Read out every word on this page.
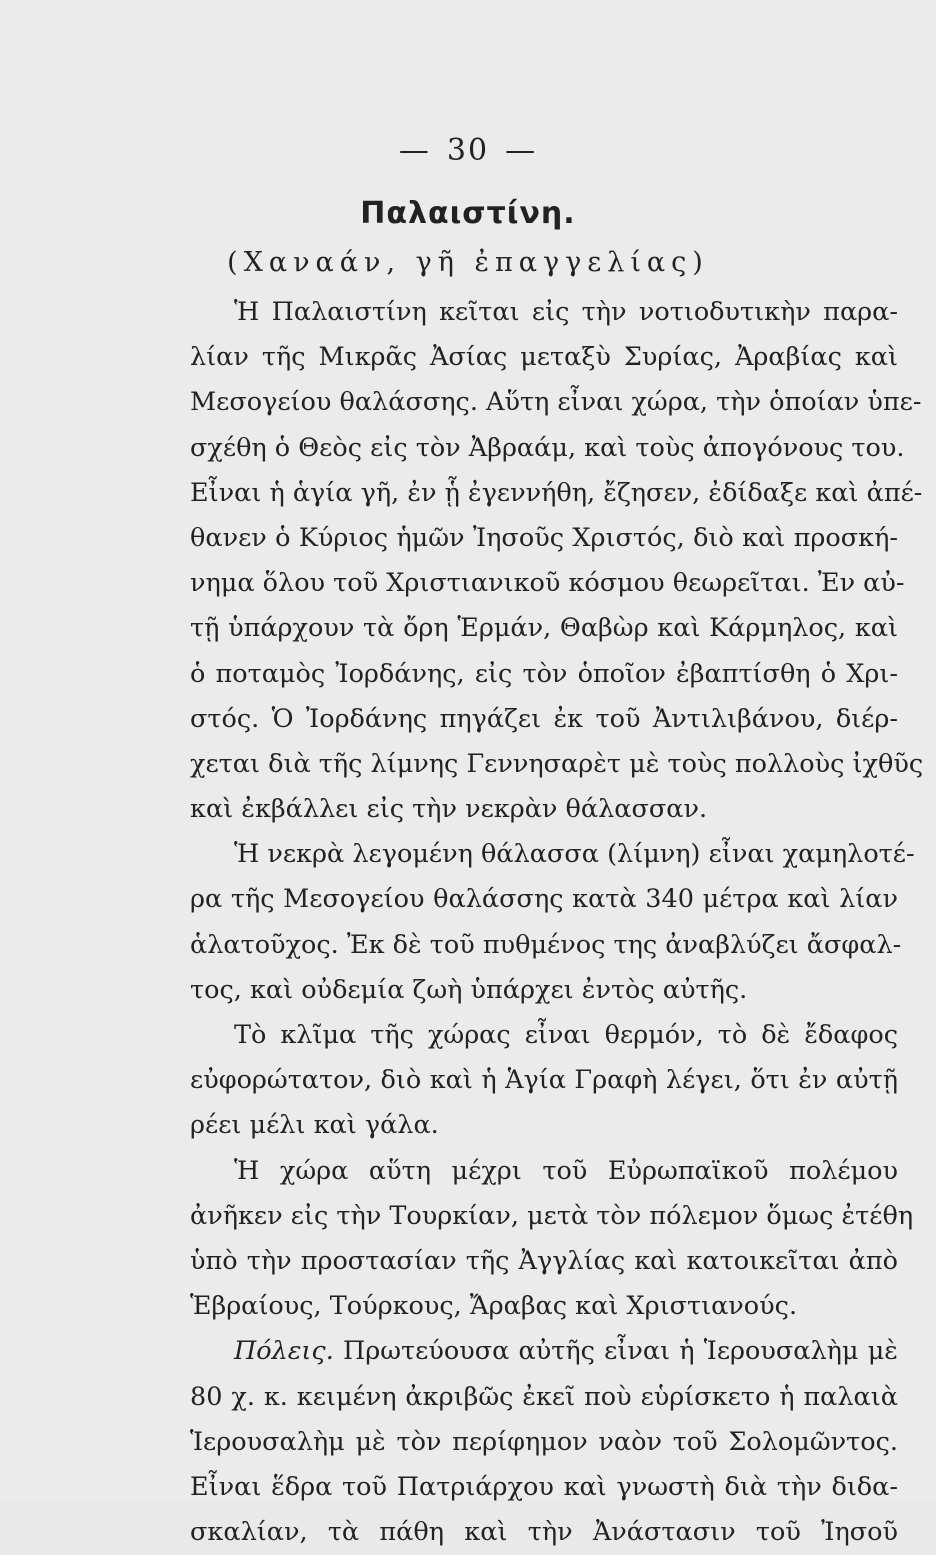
— 30 —
Παλαιστίνη.
(Χαναάν, γῆ ἐπαγγελίας)
Ἡ Παλαιστίνη κεῖται εἰς τὴν νοτιοδυτικὴν παρα-
λίαν τῆς Μικρᾶς Ἀσίας μεταξὺ Συρίας, Ἀραβίας καὶ
Μεσογείου θαλάσσης. Αὕτη εἶναι χώρα, τὴν ὁποίαν ὑπε-
σχέθη ὁ Θεὸς εἰς τὸν Ἀβραάμ, καὶ τοὺς ἀπογόνους του.
Εἶναι ἡ ἁγία γῆ, ἐν ᾗ ἐγεννήθη, ἔζησεν, ἐδίδαξε καὶ ἀπέ-
θανεν ὁ Κύριος ἡμῶν Ἰησοῦς Χριστός, διὸ καὶ προσκή-
νημα ὅλου τοῦ Χριστιανικοῦ κόσμου θεωρεῖται. Ἐν αὐ-
τῇ ὑπάρχουν τὰ ὄρη Ἑρμάν, Θαβὼρ καὶ Κάρμηλος, καὶ
ὁ ποταμὸς Ἰορδάνης, εἰς τὸν ὁποῖον ἐβαπτίσθη ὁ Χρι-
στός. Ὁ Ἰορδάνης πηγάζει ἐκ τοῦ Ἀντιλιβάνου, διέρ-
χεται διὰ τῆς λίμνης Γεννησαρὲτ μὲ τοὺς πολλοὺς ἰχθῦς
καὶ ἐκβάλλει εἰς τὴν νεκρὰν θάλασσαν.
Ἡ νεκρὰ λεγομένη θάλασσα (λίμνη) εἶναι χαμηλοτέ-
ρα τῆς Μεσογείου θαλάσσης κατὰ 340 μέτρα καὶ λίαν
ἁλατοῦχος. Ἐκ δὲ τοῦ πυθμένος της ἀναβλύζει ἄσφαλ-
τος, καὶ οὐδεμία ζωὴ ὑπάρχει ἐντὸς αὐτῆς.
Τὸ κλῖμα τῆς χώρας εἶναι θερμόν, τὸ δὲ ἔδαφος
εὐφορώτατον, διὸ καὶ ἡ Ἁγία Γραφὴ λέγει, ὅτι ἐν αὐτῇ
ρέει μέλι καὶ γάλα.
Ἡ χώρα αὕτη μέχρι τοῦ Εὐρωπαϊκοῦ πολέμου
ἀνῆκεν εἰς τὴν Τουρκίαν, μετὰ τὸν πόλεμον ὅμως ἐτέθη
ὑπὸ τὴν προστασίαν τῆς Ἀγγλίας καὶ κατοικεῖται ἀπὸ
Ἑβραίους, Τούρκους, Ἄραβας καὶ Χριστιανούς.
Πόλεις. Πρωτεύουσα αὐτῆς εἶναι ἡ Ἱερουσαλὴμ μὲ
80 χ. κ. κειμένη ἀκριβῶς ἐκεῖ ποὺ εὑρίσκετο ἡ παλαιὰ
Ἱερουσαλὴμ μὲ τὸν περίφημον ναὸν τοῦ Σολομῶντος.
Εἶναι ἕδρα τοῦ Πατριάρχου καὶ γνωστὴ διὰ τὴν διδα-
σκαλίαν, τὰ πάθη καὶ τὴν Ἀνάστασιν τοῦ Ἰησοῦ
